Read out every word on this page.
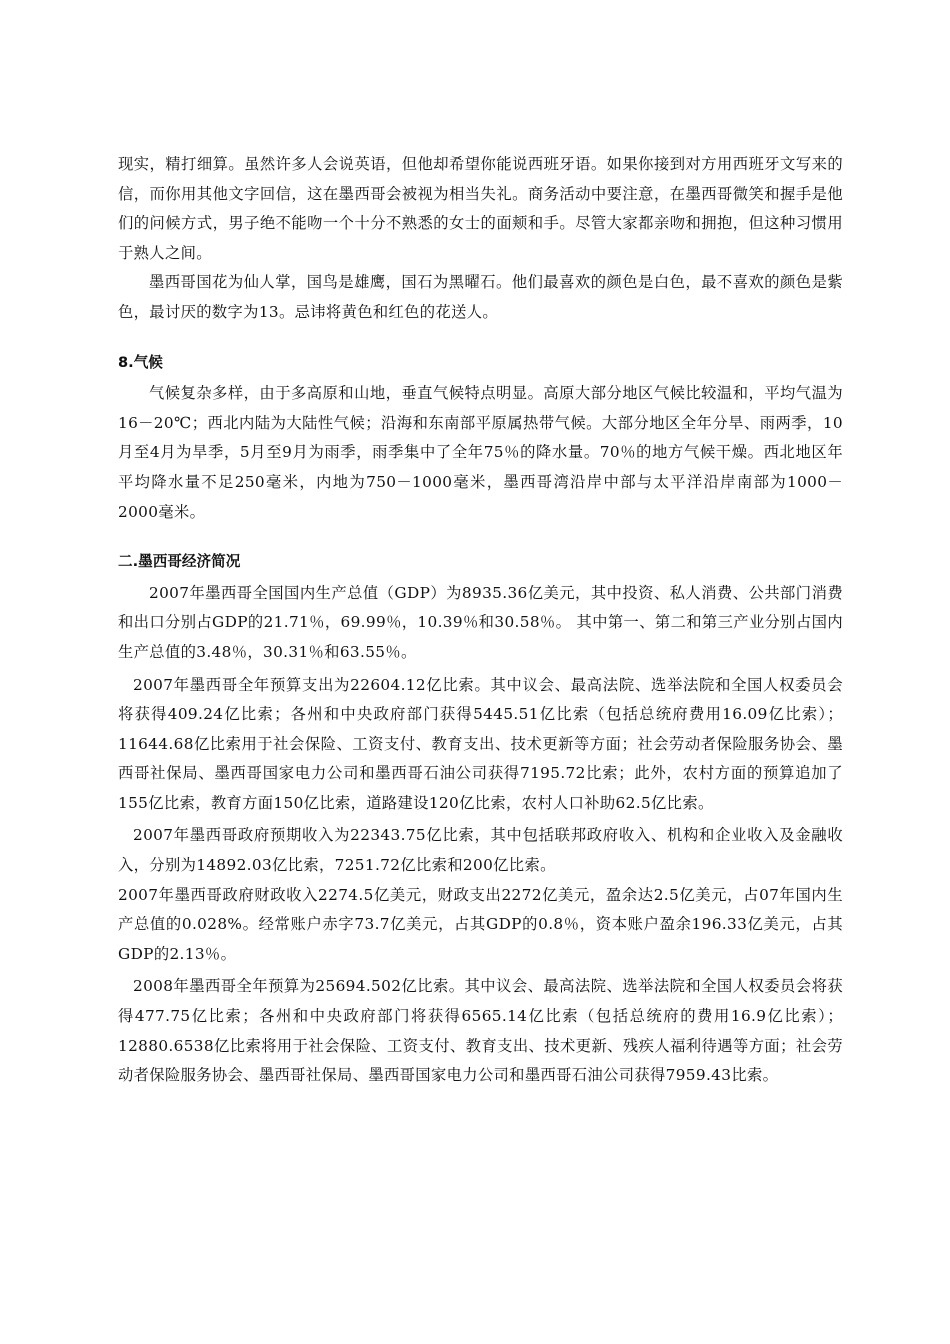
现实，精打细算。虽然许多人会说英语，但他却希望你能说西班牙语。如果你接到对方用西班牙文写来的信，而你用其他文字回信，这在墨西哥会被视为相当失礼。商务活动中要注意，在墨西哥微笑和握手是他们的问候方式，男子绝不能吻一个十分不熟悉的女士的面颊和手。尽管大家都亲吻和拥抱，但这种习惯用于熟人之间。

墨西哥国花为仙人掌，国鸟是雄鹰，国石为黑曜石。他们最喜欢的颜色是白色，最不喜欢的颜色是紫色，最讨厌的数字为13。忌讳将黄色和红色的花送人。

8.气候

气候复杂多样，由于多高原和山地，垂直气候特点明显。高原大部分地区气候比较温和，平均气温为16－20℃；西北内陆为大陆性气候；沿海和东南部平原属热带气候。大部分地区全年分旱、雨两季，10月至4月为旱季，5月至9月为雨季，雨季集中了全年75％的降水量。70％的地方气候干燥。西北地区年平均降水量不足250毫米，内地为750－1000毫米，墨西哥湾沿岸中部与太平洋沿岸南部为1000－2000毫米。

二.墨西哥经济简况

2007年墨西哥全国国内生产总值（GDP）为8935.36亿美元，其中投资、私人消费、公共部门消费和出口分别占GDP的21.71％，69.99％，10.39％和30.58％。 其中第一、第二和第三产业分别占国内生产总值的3.48％，30.31％和63.55％。

2007年墨西哥全年预算支出为22604.12亿比索。其中议会、最高法院、选举法院和全国人权委员会将获得409.24亿比索；各州和中央政府部门获得5445.51亿比索（包括总统府费用16.09亿比索）；11644.68亿比索用于社会保险、工资支付、教育支出、技术更新等方面；社会劳动者保险服务协会、墨西哥社保局、墨西哥国家电力公司和墨西哥石油公司获得7195.72比索；此外，农村方面的预算追加了155亿比索，教育方面150亿比索，道路建设120亿比索，农村人口补助62.5亿比索。

2007年墨西哥政府预期收入为22343.75亿比索，其中包括联邦政府收入、机构和企业收入及金融收入，分别为14892.03亿比索，7251.72亿比索和200亿比索。

2007年墨西哥政府财政收入2274.5亿美元，财政支出2272亿美元，盈余达2.5亿美元，占07年国内生产总值的0.028%。经常账户赤字73.7亿美元，占其GDP的0.8％，资本账户盈余196.33亿美元，占其GDP的2.13％。

2008年墨西哥全年预算为25694.502亿比索。其中议会、最高法院、选举法院和全国人权委员会将获得477.75亿比索；各州和中央政府部门将获得6565.14亿比索（包括总统府的费用16.9亿比索）；12880.6538亿比索将用于社会保险、工资支付、教育支出、技术更新、残疾人福利待遇等方面；社会劳动者保险服务协会、墨西哥社保局、墨西哥国家电力公司和墨西哥石油公司获得7959.43比索。
